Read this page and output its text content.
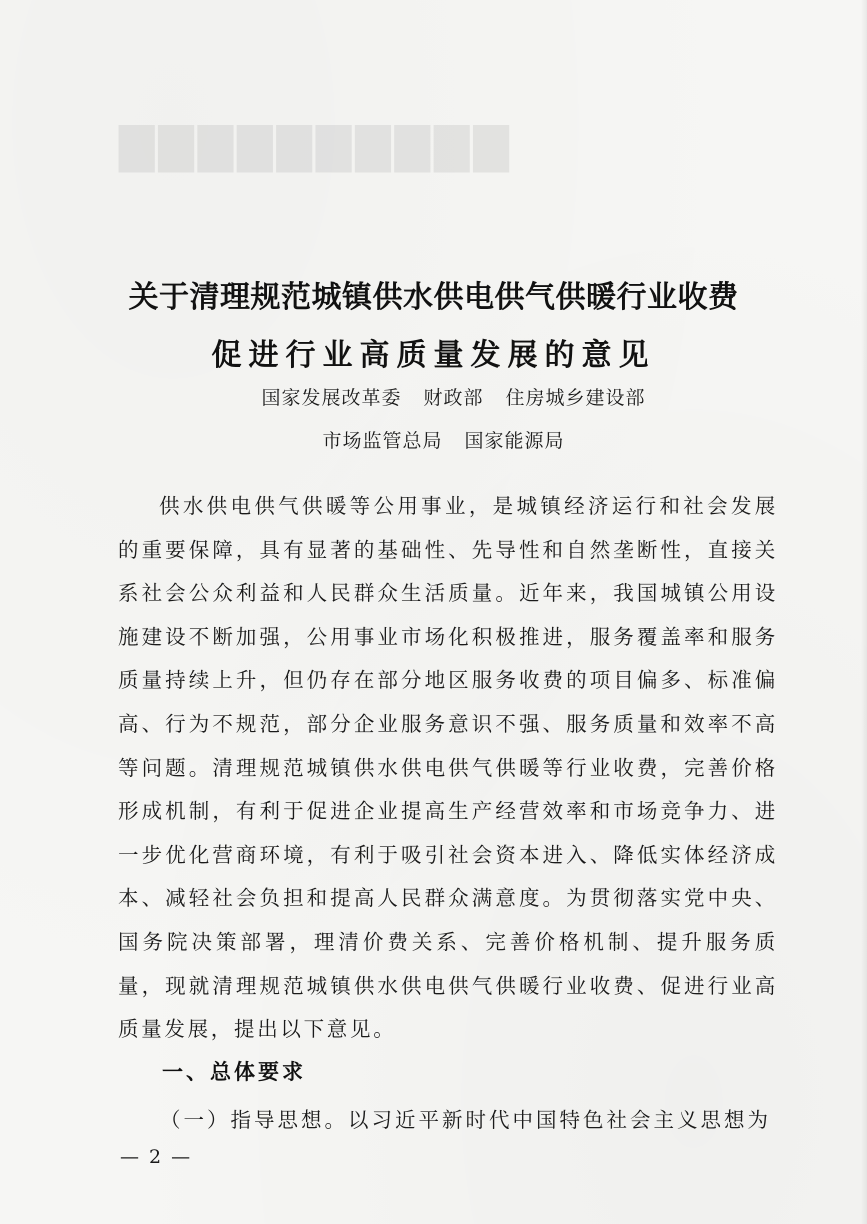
▇▇▇▇▇▇▇▇▇▇
关于清理规范城镇供水供电供气供暖行业收费
促进行业高质量发展的意见
国家发展改革委 财政部 住房城乡建设部
市场监管总局 国家能源局

供水供电供气供暖等公用事业，是城镇经济运行和社会发展的重要保障，具有显著的基础性、先导性和自然垄断性，直接关系社会公众利益和人民群众生活质量。近年来，我国城镇公用设施建设不断加强，公用事业市场化积极推进，服务覆盖率和服务质量持续上升，但仍存在部分地区服务收费的项目偏多、标准偏高、行为不规范，部分企业服务意识不强、服务质量和效率不高等问题。清理规范城镇供水供电供气供暖等行业收费，完善价格形成机制，有利于促进企业提高生产经营效率和市场竞争力、进一步优化营商环境，有利于吸引社会资本进入、降低实体经济成本、减轻社会负担和提高人民群众满意度。为贯彻落实党中央、国务院决策部署，理清价费关系、完善价格机制、提升服务质量，现就清理规范城镇供水供电供气供暖行业收费、促进行业高质量发展，提出以下意见。

一、总体要求
（一）指导思想。以习近平新时代中国特色社会主义思想为
— 2 —
